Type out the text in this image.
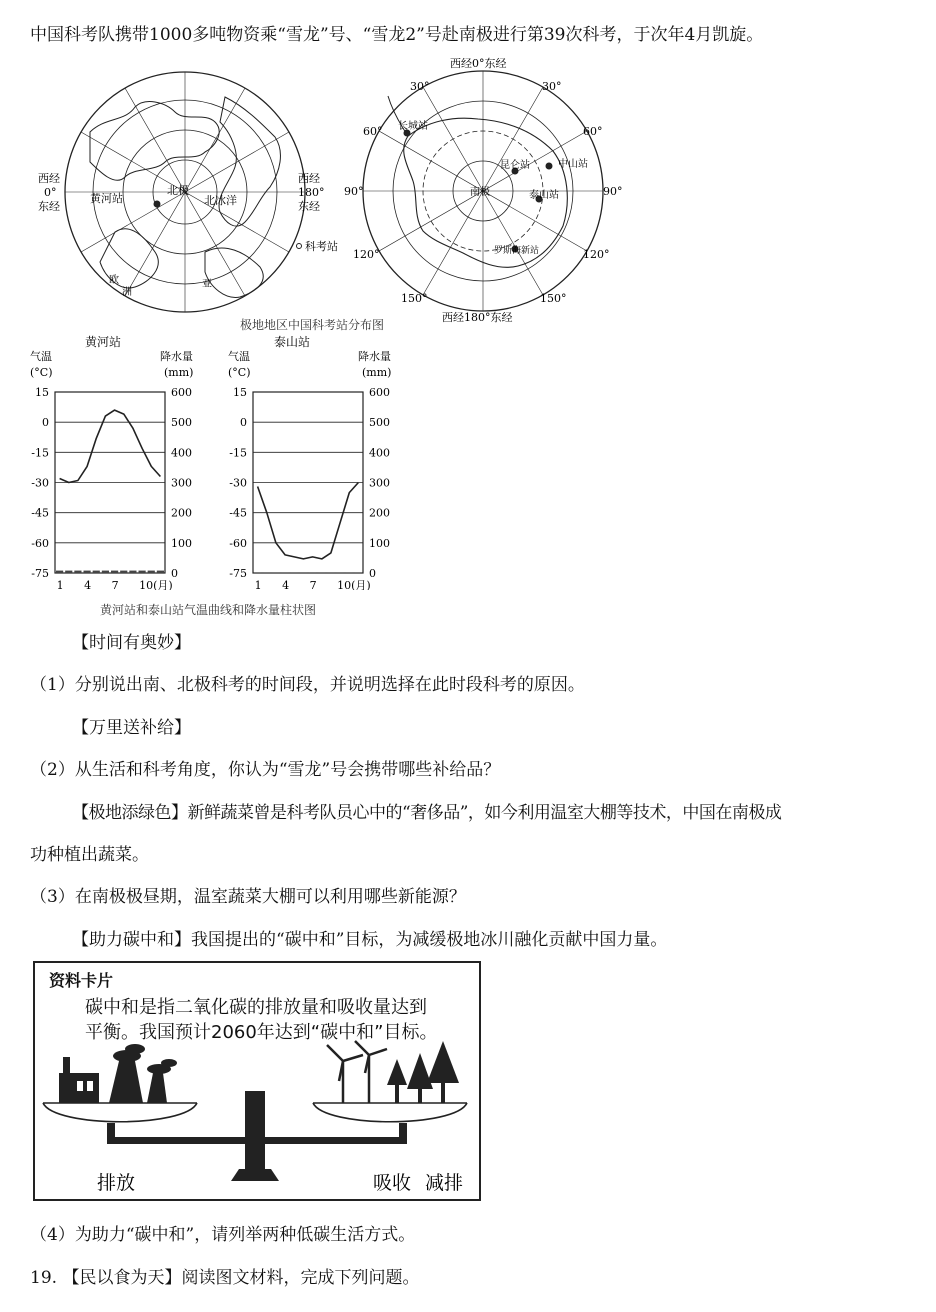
中国科考队携带1000多吨物资乘“雪龙”号、“雪龙2”号赴南极进行第39次科考，于次年4月凯旋。
西经
0°
东经
西经
180°
东经
黄河站
北极
北冰洋
欧
洲
亚
科考站
西经0°东经
西经180°东经
30°	30°
60°	60°
90°	90°
120°	120°
150°	150°
长城站
中山站
昆仑站
泰山站
罗斯海新站
南极
极地地区中国科考站分布图
15
0
-15
-30
-45
-60
-75
600
500
400
300
200
100
0
1 4 7 10(月)
15
0
-15
-30
-45
-60
-75
600
500
400
300
200
100
0
1 4 7 10(月)
黄河站	泰山站
气温
(°C)
降水量
(mm)
气温
(°C)
降水量
(mm)
黄河站和泰山站气温曲线和降水量柱状图
【时间有奥妙】
（1）分别说出南、北极科考的时间段，并说明选择在此时段科考的原因。
【万里送补给】
（2）从生活和科考角度，你认为“雪龙”号会携带哪些补给品？
【极地添绿色】新鲜蔬菜曾是科考队员心中的“奢侈品”，如今利用温室大棚等技术，中国在南极成
功种植出蔬菜。
（3）在南极极昼期，温室蔬菜大棚可以利用哪些新能源？
【助力碳中和】我国提出的“碳中和”目标，为减缓极地冰川融化贡献中国力量。
资料卡片
碳中和是指二氧化碳的排放量和吸收量达到
平衡。我国预计2060年达到“碳中和”目标。
排放	吸收 减排
（4）为助力“碳中和”，请列举两种低碳生活方式。
19. 【民以食为天】阅读图文材料，完成下列问题。
